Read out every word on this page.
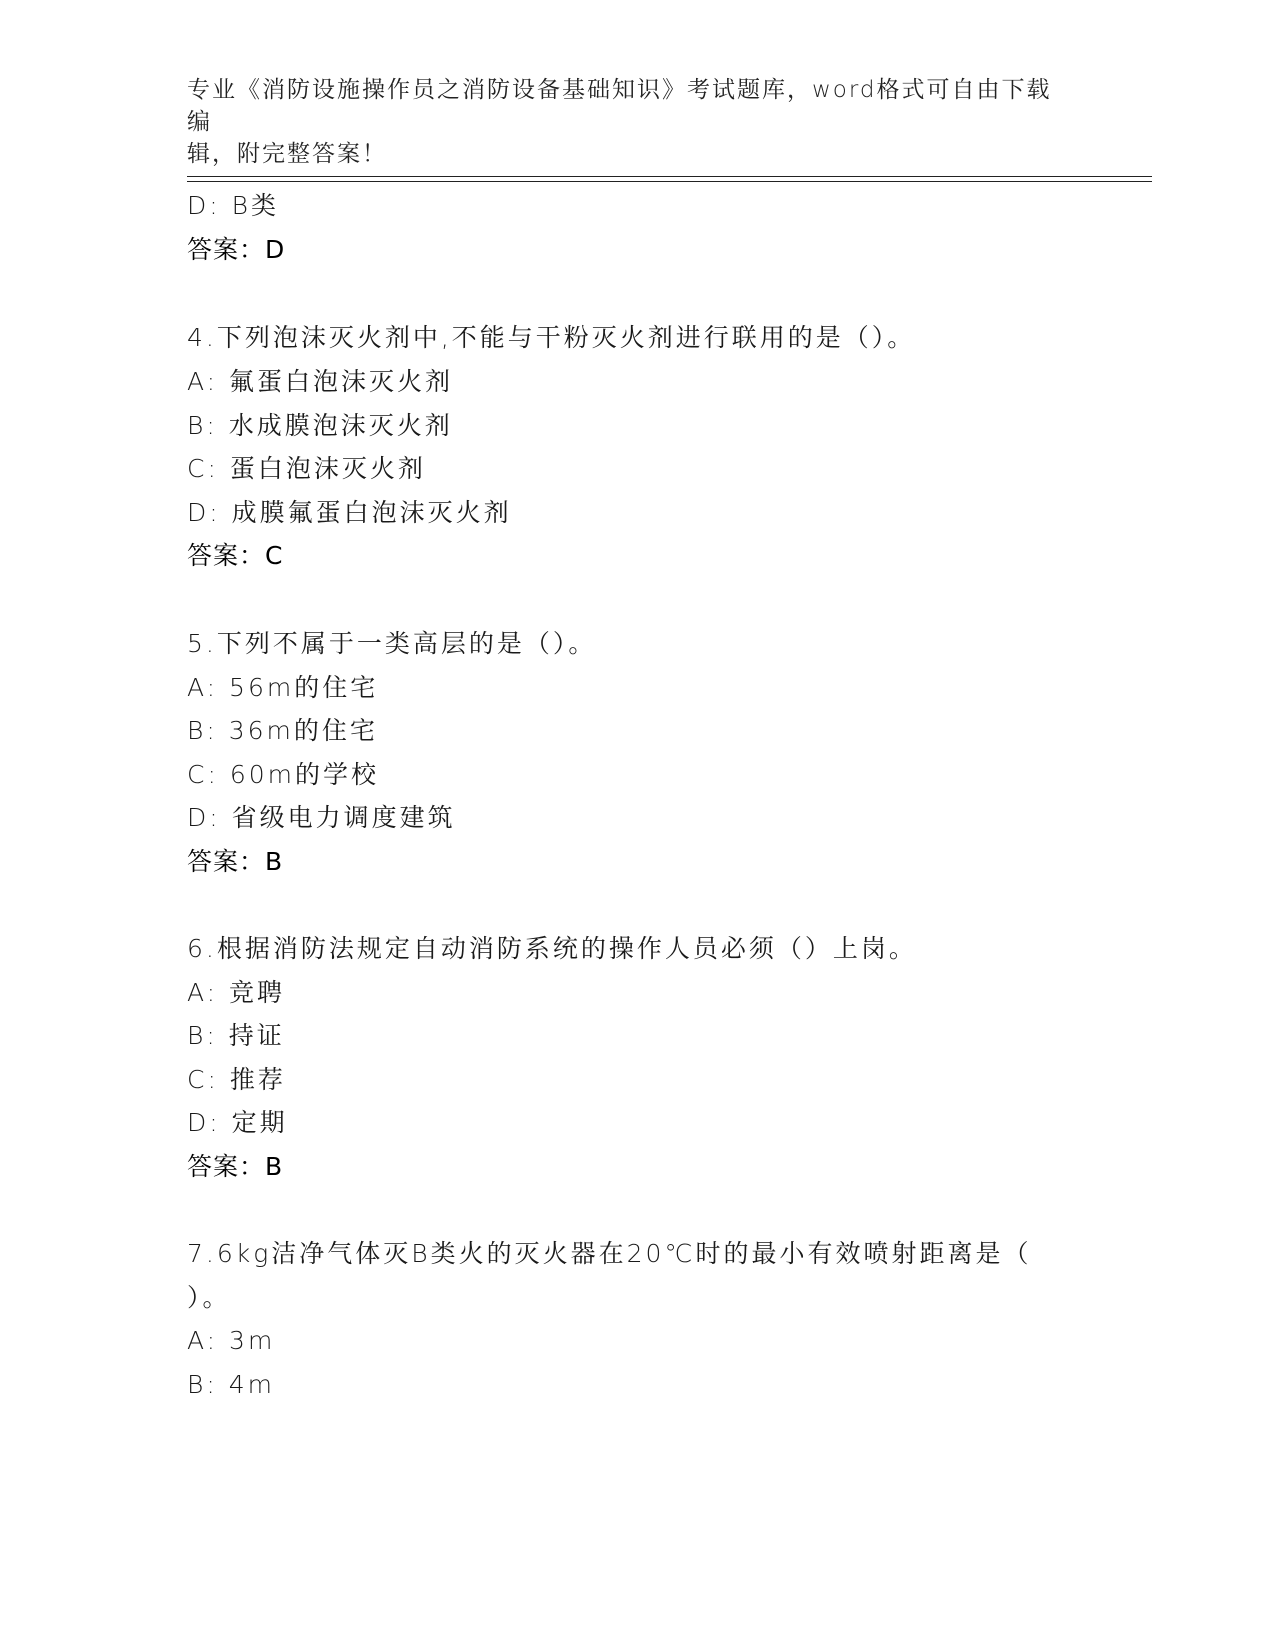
专业《消防设施操作员之消防设备基础知识》考试题库，word格式可自由下载编
辑，附完整答案！
D: B类
答案：D
4.下列泡沫灭火剂中,不能与干粉灭火剂进行联用的是（）。
A: 氟蛋白泡沫灭火剂
B: 水成膜泡沫灭火剂
C: 蛋白泡沫灭火剂
D: 成膜氟蛋白泡沫灭火剂
答案：C
5.下列不属于一类高层的是（）。
A: 56m的住宅
B: 36m的住宅
C: 60m的学校
D: 省级电力调度建筑
答案：B
6.根据消防法规定自动消防系统的操作人员必须（）上岗。
A: 竞聘
B: 持证
C: 推荐
D: 定期
答案：B
7.6kg洁净气体灭B类火的灭火器在20℃时的最小有效喷射距离是（
）。
A: 3m
B: 4m
